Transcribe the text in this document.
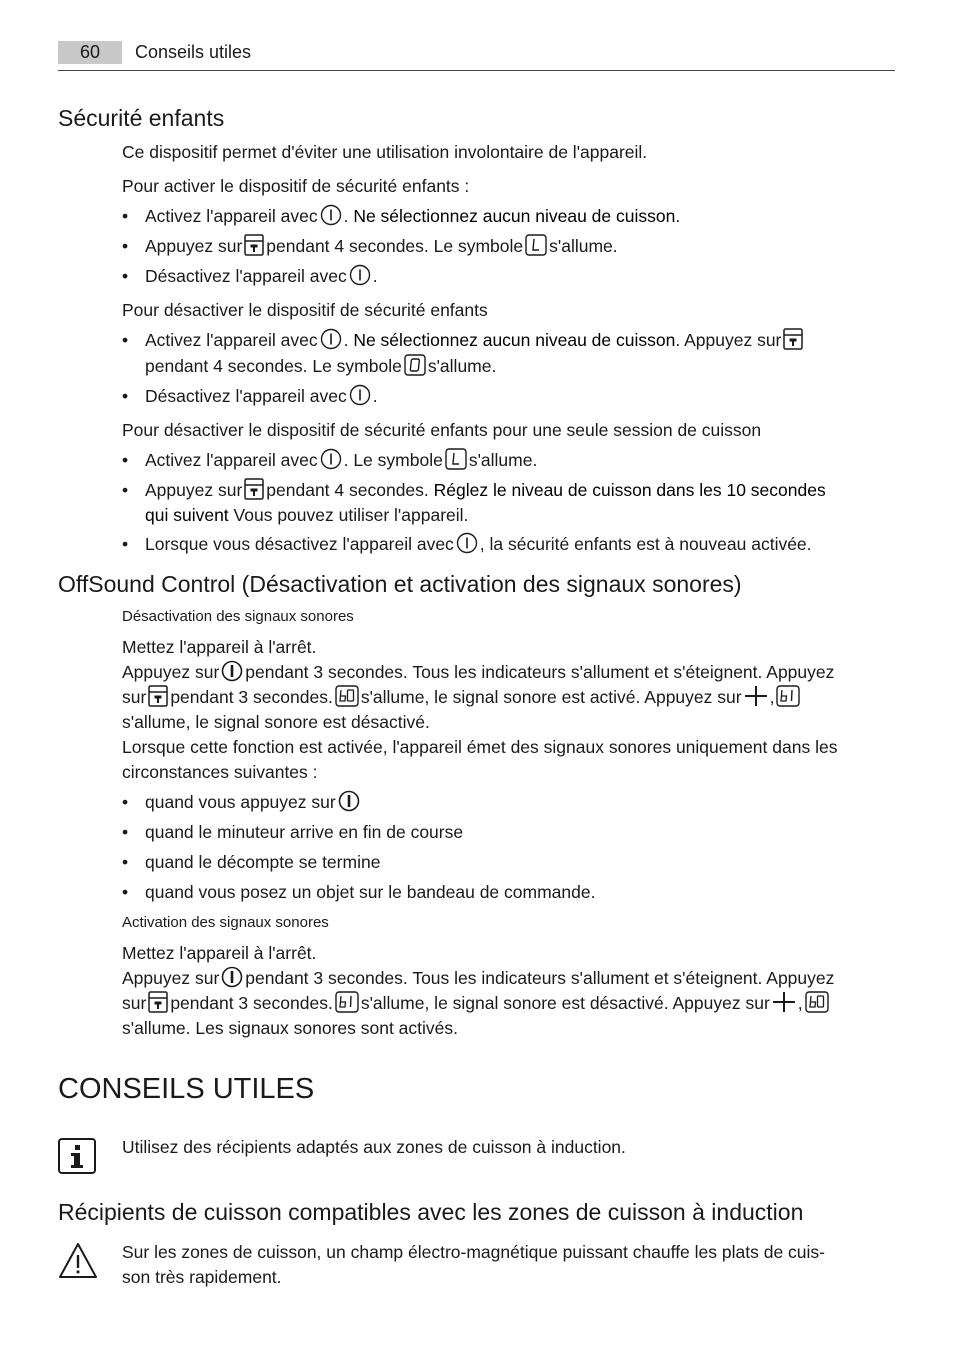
60	Conseils utiles
Sécurité enfants
Ce dispositif permet d'éviter une utilisation involontaire de l'appareil.
Pour activer le dispositif de sécurité enfants :
• Activez l'appareil avec . Ne sélectionnez aucun niveau de cuisson.
• Appuyez sur pendant 4 secondes. Le symbole s'allume.
• Désactivez l'appareil avec .
Pour désactiver le dispositif de sécurité enfants
• Activez l'appareil avec . Ne sélectionnez aucun niveau de cuisson. Appuyez sur
pendant 4 secondes. Le symbole s'allume.
• Désactivez l'appareil avec .
Pour désactiver le dispositif de sécurité enfants pour une seule session de cuisson
• Activez l'appareil avec . Le symbole s'allume.
• Appuyez sur pendant 4 secondes. Réglez le niveau de cuisson dans les 10 secondes
qui suivent Vous pouvez utiliser l'appareil.
• Lorsque vous désactivez l'appareil avec , la sécurité enfants est à nouveau activée.
OffSound Control (Désactivation et activation des signaux sonores)
Désactivation des signaux sonores
Mettez l'appareil à l'arrêt.
Appuyez sur pendant 3 secondes. Tous les indicateurs s'allument et s'éteignent. Appuyez
sur pendant 3 secondes. s'allume, le signal sonore est activé. Appuyez sur ,
s'allume, le signal sonore est désactivé.
Lorsque cette fonction est activée, l'appareil émet des signaux sonores uniquement dans les
circonstances suivantes :
• quand vous appuyez sur
• quand le minuteur arrive en fin de course
• quand le décompte se termine
• quand vous posez un objet sur le bandeau de commande.
Activation des signaux sonores
Mettez l'appareil à l'arrêt.
Appuyez sur pendant 3 secondes. Tous les indicateurs s'allument et s'éteignent. Appuyez
sur pendant 3 secondes. s'allume, le signal sonore est désactivé. Appuyez sur ,
s'allume. Les signaux sonores sont activés.
CONSEILS UTILES
Utilisez des récipients adaptés aux zones de cuisson à induction.
Récipients de cuisson compatibles avec les zones de cuisson à induction
Sur les zones de cuisson, un champ électro-magnétique puissant chauffe les plats de cuis-
son très rapidement.
